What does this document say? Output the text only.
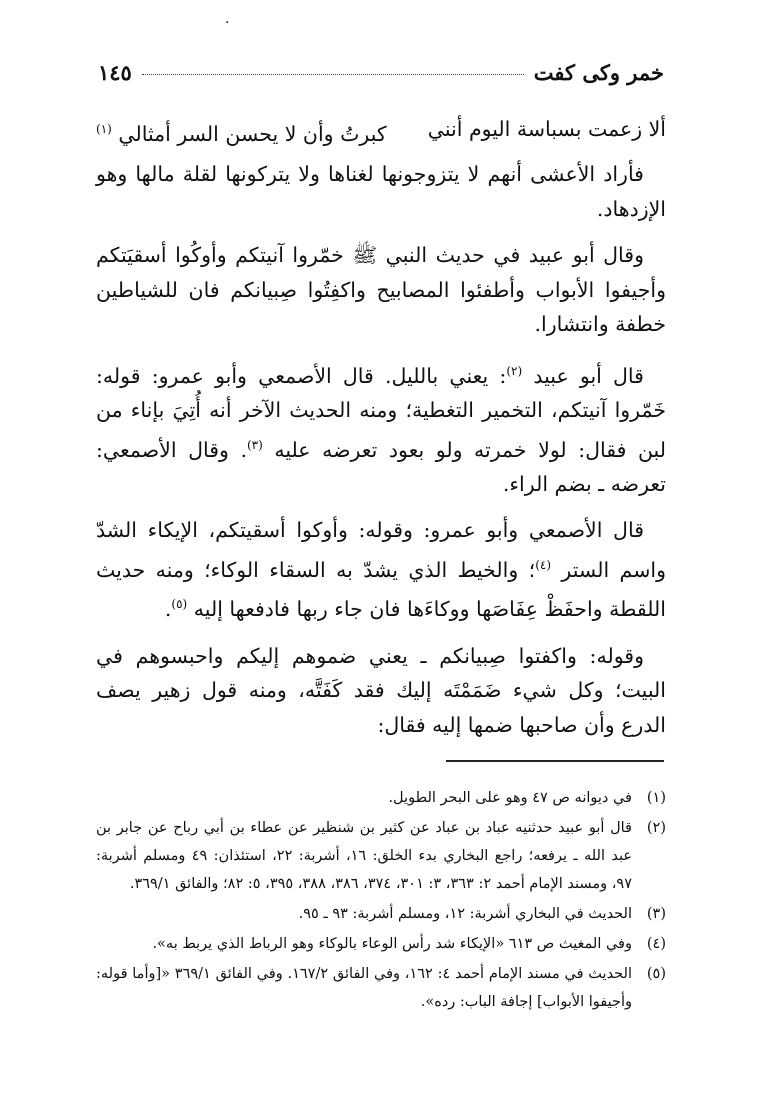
·
خمر وكى كفت
١٤٥

ألا زعمت بسباسة اليوم أنني
كبرتُ وأن لا يحسن السر أمثالي $^{(١)}$

فأراد الأعشى أنهم لا يتزوجونها لغناها ولا يتركونها لقلة مالها وهو الإزدهاد.

وقال أبو عبيد في حديث النبي ﷺ خمّروا آنيتكم وأوكُوا أسقيَتكم وأجيفوا الأبواب وأطفئوا المصابيح واكفِتُوا صِبيانكم فان للشياطين خطفة وانتشارا.

قال أبو عبيد $^{(٢)}$: يعني بالليل. قال الأصمعي وأبو عمرو: قوله: خَمّروا آنيتكم، التخمير التغطية؛ ومنه الحديث الآخر أنه أُتِيَ بإناء من لبن فقال: لولا خمرته ولو بعود تعرضه عليه $^{(٣)}$. وقال الأصمعي: تعرضه ـ بضم الراء.

قال الأصمعي وأبو عمرو: وقوله: وأوكوا أسقيتكم، الإيكاء الشدّ واسم الستر $^{(٤)}$؛ والخيط الذي يشدّ به السقاء الوكاء؛ ومنه حديث اللقطة واحفَظْ عِفَاصَها ووكاءَها فان جاء ربها فادفعها إليه $^{(٥)}$.

وقوله: واكفتوا صِبيانكم ـ يعني ضموهم إليكم واحبسوهم في البيت؛ وكل شيء ضَمَمْتَه إليك فقد كَفَتَّه، ومنه قول زهير يصف الدرع وأن صاحبها ضمها إليه فقال:

(١)
في ديوانه ص ٤٧ وهو على البحر الطويل.
(٢)
قال أبو عبيد حدثنيه عباد بن عباد عن كثير بن شنظير عن عطاء بن أبي رباح عن جابر بن عبد الله ـ يرفعه؛ راجع البخاري بدء الخلق: ١٦، أشربة: ٢٢، استئذان: ٤٩ ومسلم أشربة: ٩٧، ومسند الإمام أحمد ٢: ٣٦٣، ٣: ٣٠١، ٣٧٤، ٣٨٦، ٣٨٨، ٣٩٥، ٥: ٨٢؛ والفائق ٣٦٩/١.
(٣)
الحديث في البخاري أشربة: ١٢، ومسلم أشربة: ٩٣ ـ ٩٥.
(٤)
وفي المغيث ص ٦١٣ «الإيكاء شد رأس الوعاء بالوكاء وهو الرباط الذي يربط به».
(٥)
الحديث في مسند الإمام أحمد ٤: ١٦٢، وفي الفائق ١٦٧/٢. وفي الفائق ٣٦٩/١ «[وأما قوله: وأجيفوا الأبواب] إجافة الباب: رده».
